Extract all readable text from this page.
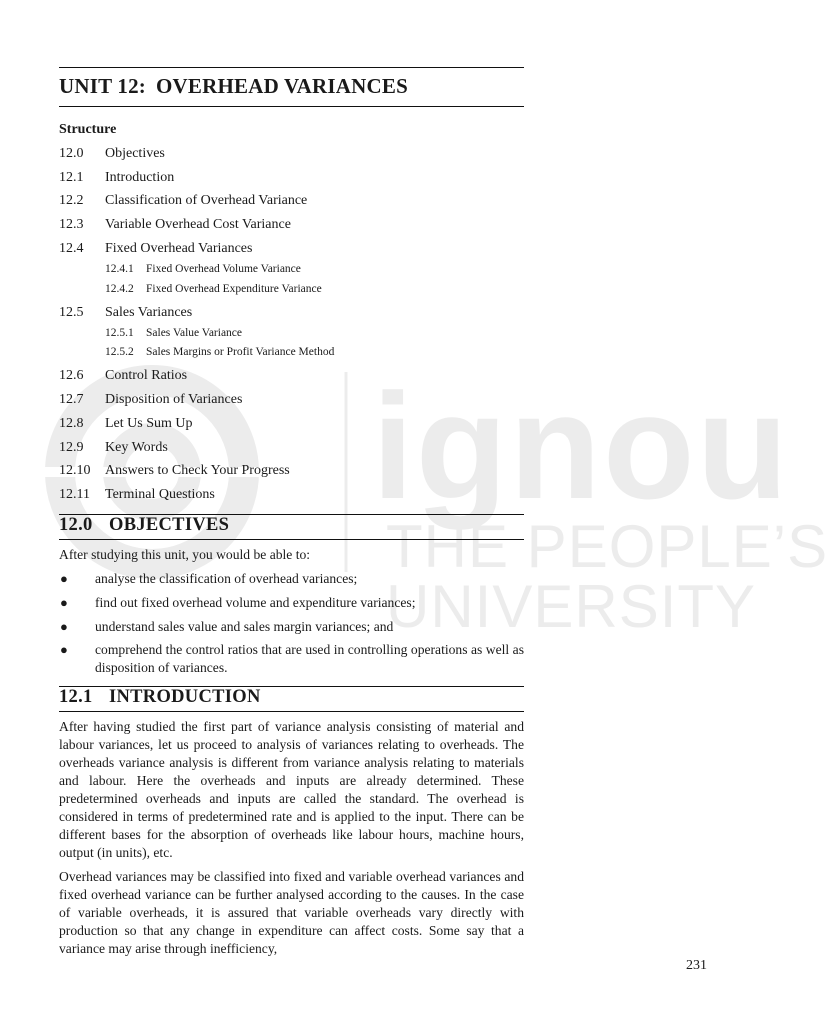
ignou
THE PEOPLE’S
UNIVERSITY
UNIT 12: OVERHEAD VARIANCES
Structure
12.0 Objectives
12.1 Introduction
12.2 Classification of Overhead Variance
12.3 Variable Overhead Cost Variance
12.4 Fixed Overhead Variances
12.4.1 Fixed Overhead Volume Variance
12.4.2 Fixed Overhead Expenditure Variance
12.5 Sales Variances
12.5.1 Sales Value Variance
12.5.2 Sales Margins or Profit Variance Method
12.6 Control Ratios
12.7 Disposition of Variances
12.8 Let Us Sum Up
12.9 Key Words
12.10 Answers to Check Your Progress
12.11 Terminal Questions
12.0 OBJECTIVES
After studying this unit, you would be able to:
● analyse the classification of overhead variances;
● find out fixed overhead volume and expenditure variances;
● understand sales value and sales margin variances; and
● comprehend the control ratios that are used in controlling operations as well as disposition of variances.
12.1 INTRODUCTION
After having studied the first part of variance analysis consisting of material and labour variances, let us proceed to analysis of variances relating to overheads. The overheads variance analysis is different from variance analysis relating to materials and labour. Here the overheads and inputs are already determined. These predetermined overheads and inputs are called the standard. The overhead is considered in terms of predetermined rate and is applied to the input. There can be different bases for the absorption of overheads like labour hours, machine hours, output (in units), etc.
Overhead variances may be classified into fixed and variable overhead variances and fixed overhead variance can be further analysed according to the causes. In the case of variable overheads, it is assured that variable overheads vary directly with production so that any change in expenditure can affect costs. Some say that a variance may arise through inefficiency,
231
